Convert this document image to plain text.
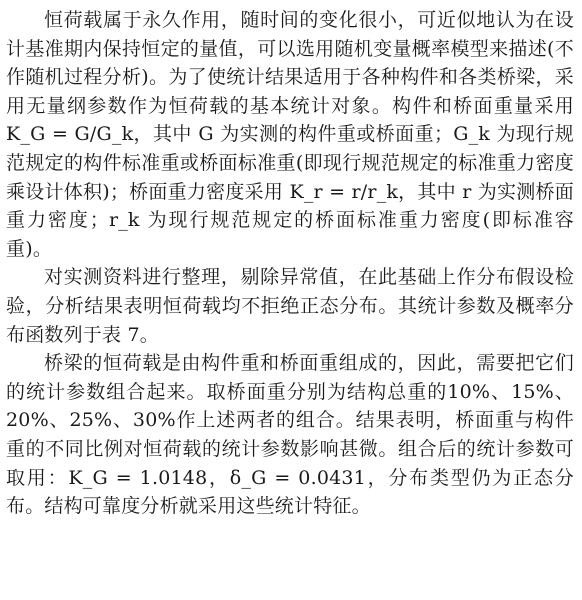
恒荷载属于永久作用，随时间的变化很小，可近似地认为在设计基准期内保持恒定的量值，可以选用随机变量概率模型来描述(不作随机过程分析)。为了使统计结果适用于各种构件和各类桥梁，采用无量纲参数作为恒荷载的基本统计对象。构件和桥面重量采用 K_G = G/G_k，其中 G 为实测的构件重或桥面重；G_k 为现行规范规定的构件标准重或桥面标准重(即现行规范规定的标准重力密度乘设计体积)；桥面重力密度采用 K_r = r/r_k，其中 r 为实测桥面重力密度；r_k 为现行规范规定的桥面标准重力密度(即标准容重)。

对实测资料进行整理，剔除异常值，在此基础上作分布假设检验，分析结果表明恒荷载均不拒绝正态分布。其统计参数及概率分布函数列于表 7。

桥梁的恒荷载是由构件重和桥面重组成的，因此，需要把它们的统计参数组合起来。取桥面重分别为结构总重的10%、15%、20%、25%、30%作上述两者的组合。结果表明，桥面重与构件重的不同比例对恒荷载的统计参数影响甚微。组合后的统计参数可取用：K_G = 1.0148，δ_G = 0.0431，分布类型仍为正态分布。结构可靠度分析就采用这些统计特征。
